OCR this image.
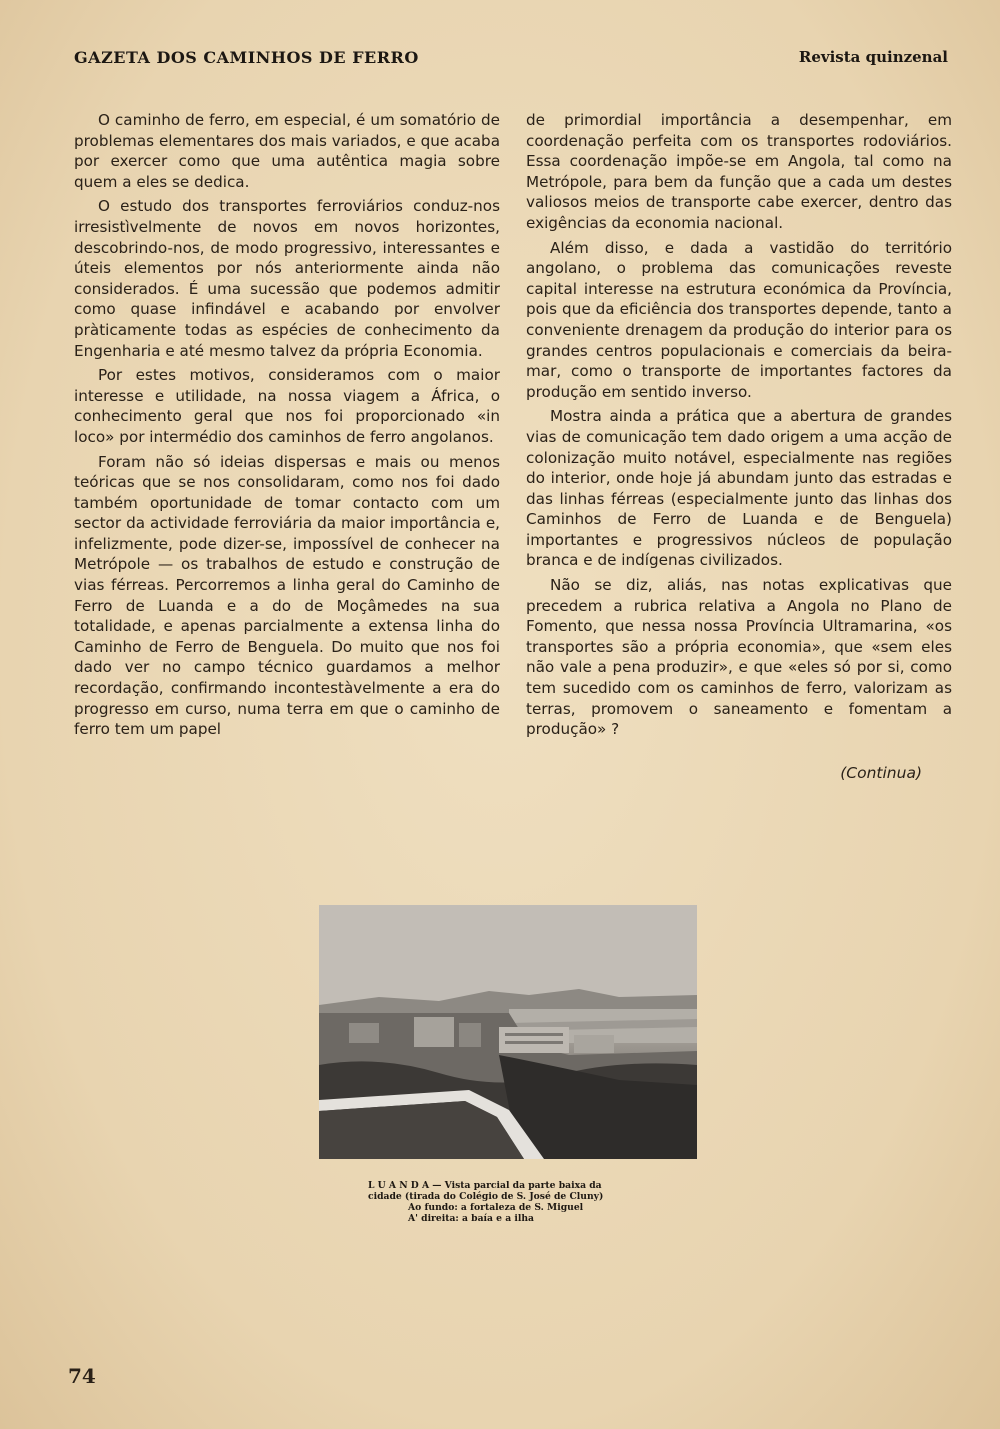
GAZETA DOS CAMINHOS DE FERRO	Revista quinzenal

O caminho de ferro, em especial, é um somatório de problemas elementares dos mais variados, e que acaba por exercer como que uma autêntica magia sobre quem a eles se dedica.

O estudo dos transportes ferroviários conduz-nos irresistìvelmente de novos em novos horizontes, descobrindo-nos, de modo progressivo, interessantes e úteis elementos por nós anteriormente ainda não considerados. É uma sucessão que podemos admitir como quase infindável e acabando por envolver pràticamente todas as espécies de conhecimento da Engenharia e até mesmo talvez da própria Economia.

Por estes motivos, consideramos com o maior interesse e utilidade, na nossa viagem a África, o conhecimento geral que nos foi proporcionado «in loco» por intermédio dos caminhos de ferro angolanos.

Foram não só ideias dispersas e mais ou menos teóricas que se nos consolidaram, como nos foi dado também oportunidade de tomar contacto com um sector da actividade ferroviária da maior importância e, infelizmente, pode dizer-se, impossível de conhecer na Metrópole — os trabalhos de estudo e construção de vias férreas. Percorremos a linha geral do Caminho de Ferro de Luanda e a do de Moçâmedes na sua totalidade, e apenas parcialmente a extensa linha do Caminho de Ferro de Benguela. Do muito que nos foi dado ver no campo técnico guardamos a melhor recordação, confirmando incontestàvelmente a era do progresso em curso, numa terra em que o caminho de ferro tem um papel

de primordial importância a desempenhar, em coordenação perfeita com os transportes rodoviários. Essa coordenação impõe-se em Angola, tal como na Metrópole, para bem da função que a cada um destes valiosos meios de transporte cabe exercer, dentro das exigências da economia nacional.

Além disso, e dada a vastidão do território angolano, o problema das comunicações reveste capital interesse na estrutura económica da Província, pois que da eficiência dos transportes depende, tanto a conveniente drenagem da produção do interior para os grandes centros populacionais e comerciais da beira-mar, como o transporte de importantes factores da produção em sentido inverso.

Mostra ainda a prática que a abertura de grandes vias de comunicação tem dado origem a uma acção de colonização muito notável, especialmente nas regiões do interior, onde hoje já abundam junto das estradas e das linhas férreas (especialmente junto das linhas dos Caminhos de Ferro de Luanda e de Benguela) importantes e progressivos núcleos de população branca e de indígenas civilizados.

Não se diz, aliás, nas notas explicativas que precedem a rubrica relativa a Angola no Plano de Fomento, que nessa nossa Província Ultramarina, «os transportes são a própria economia», que «sem eles não vale a pena produzir», e que «eles só por si, como tem sucedido com os caminhos de ferro, valorizam as terras, promovem o saneamento e fomentam a produção» ?

(Continua)
L U A N D A — Vista parcial da parte baixa da
cidade (tirada do Colégio de S. José de Cluny)
Ao fundo: a fortaleza de S. Miguel
A' direita: a baía e a ilha
74
